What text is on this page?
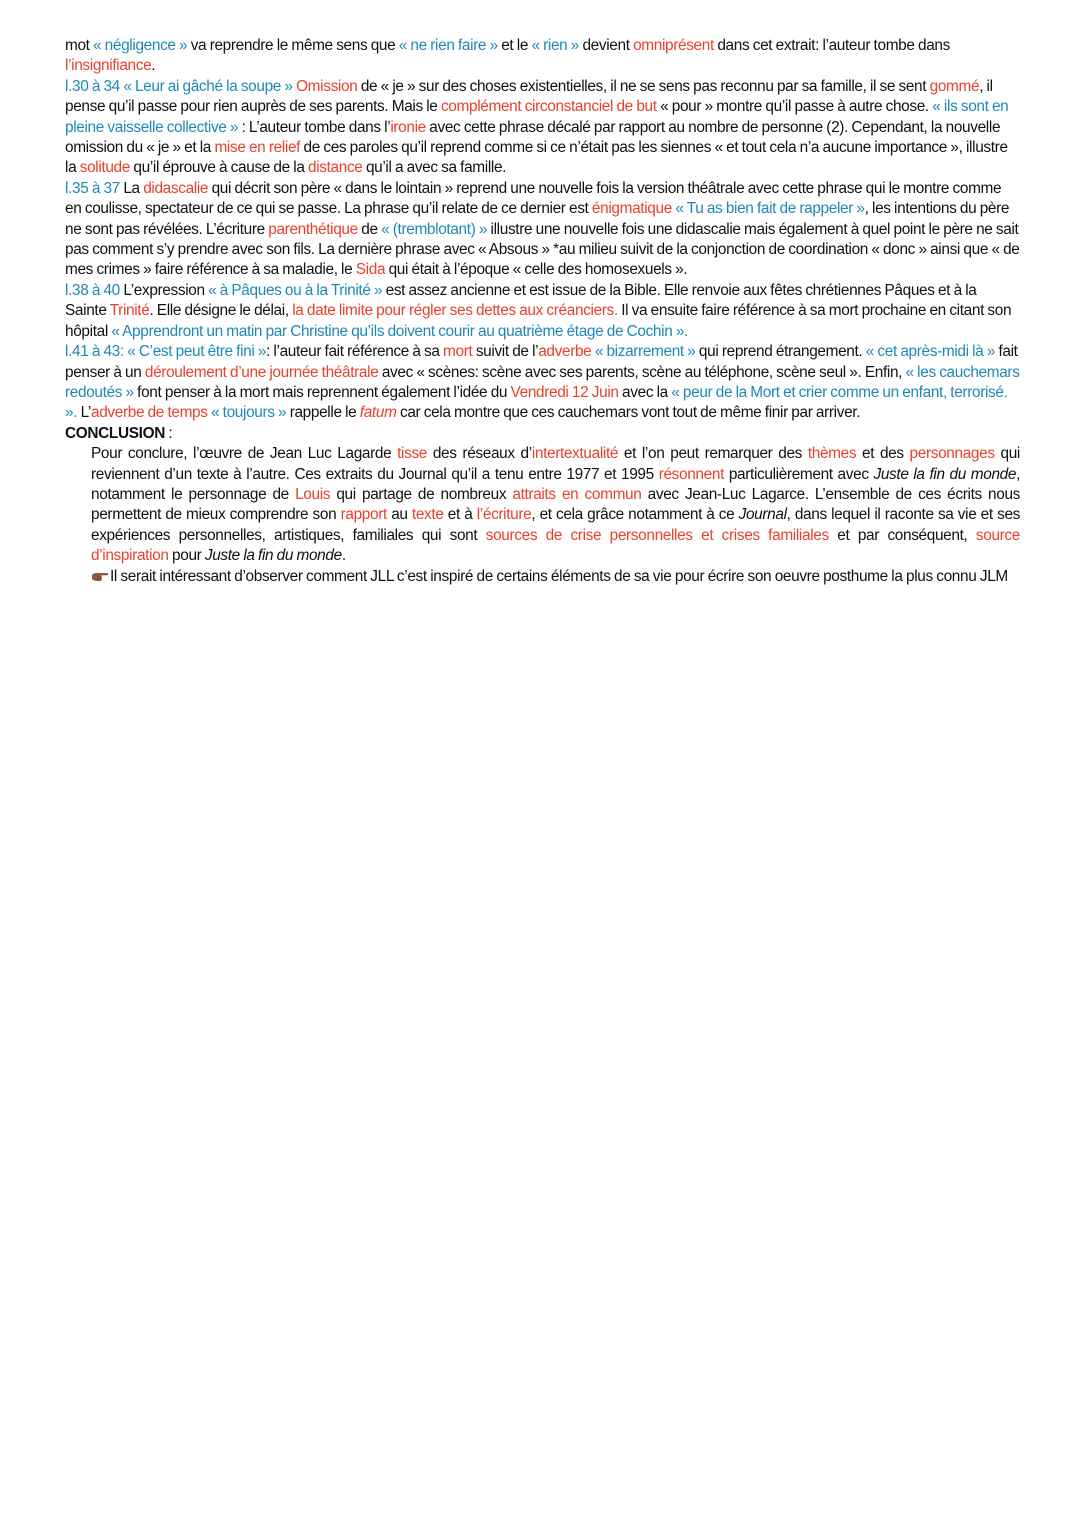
mot « négligence » va reprendre le même sens que « ne rien faire » et le « rien » devient omniprésent dans cet extrait: l’auteur tombe dans
l’insignifiance.

l.30 à 34 « Leur ai gâché la soupe » Omission de « je » sur des choses existentielles, il ne se sens pas reconnu par sa famille, il se sent gommé, il pense qu’il passe pour rien auprès de ses parents. Mais le complément circonstanciel de but « pour » montre qu’il passe à autre chose. « ils sont en pleine vaisselle collective » : L’auteur tombe dans l’ironie avec cette phrase décalé par rapport au nombre de personne (2). Cependant, la nouvelle omission du « je » et la mise en relief de ces paroles qu’il reprend comme si ce n’était pas les siennes « et tout cela n’a aucune importance », illustre la solitude qu’il éprouve à cause de la distance qu’il a avec sa famille.

l.35 à 37 La didascalie qui décrit son père « dans le lointain » reprend une nouvelle fois la version théâtrale avec cette phrase qui le montre comme en coulisse, spectateur de ce qui se passe. La phrase qu’il relate de ce dernier est énigmatique « Tu as bien fait de rappeler », les intentions du père ne sont pas révélées. L’écriture parenthétique de « (tremblotant) » illustre une nouvelle fois une didascalie mais également à quel point le père ne sait pas comment s’y prendre avec son fils. La dernière phrase avec « Absous » *au milieu suivit de la conjonction de coordination « donc » ainsi que « de mes crimes » faire référence à sa maladie, le Sida qui était à l’époque « celle des homosexuels ».

l.38 à 40 L’expression « à Pâques ou à la Trinité » est assez ancienne et est issue de la Bible. Elle renvoie aux fêtes chrétiennes Pâques et à la Sainte Trinité. Elle désigne le délai, la date limite pour régler ses dettes aux créanciers. Il va ensuite faire référence à sa mort prochaine en citant son hôpital « Apprendront un matin par Christine qu’ils doivent courir au quatrième étage de Cochin ».

l.41 à 43: « C’est peut être fini »: l’auteur fait référence à sa mort suivit de l’adverbe « bizarrement » qui reprend étrangement. « cet après-midi là » fait penser à un déroulement d’une journée théâtrale avec « scènes: scène avec ses parents, scène au téléphone, scène seul ». Enfin, « les cauchemars redoutés » font penser à la mort mais reprennent également l’idée du Vendredi 12 Juin avec la « peur de la Mort et crier comme un enfant, terrorisé. ». L’adverbe de temps « toujours » rappelle le fatum car cela montre que ces cauchemars vont tout de même finir par arriver.

CONCLUSION :

Pour conclure, l’œuvre de Jean Luc Lagarde tisse des réseaux d’intertextualité et l’on peut remarquer des thèmes et des personnages qui reviennent d’un texte à l’autre. Ces extraits du Journal qu’il a tenu entre 1977 et 1995 résonnent particulièrement avec Juste la fin du monde, notamment le personnage de Louis qui partage de nombreux attraits en commun avec Jean-Luc Lagarce. L’ensemble de ces écrits nous permettent de mieux comprendre son rapport au texte et à l’écriture, et cela grâce notamment à ce Journal, dans lequel il raconte sa vie et ses expériences personnelles, artistiques, familiales qui sont sources de crise personnelles et crises familiales et par conséquent, source d’inspiration pour Juste la fin du monde.

Il serait intéressant d’observer comment JLL c’est inspiré de certains éléments de sa vie pour écrire son oeuvre posthume la plus connu JLM
